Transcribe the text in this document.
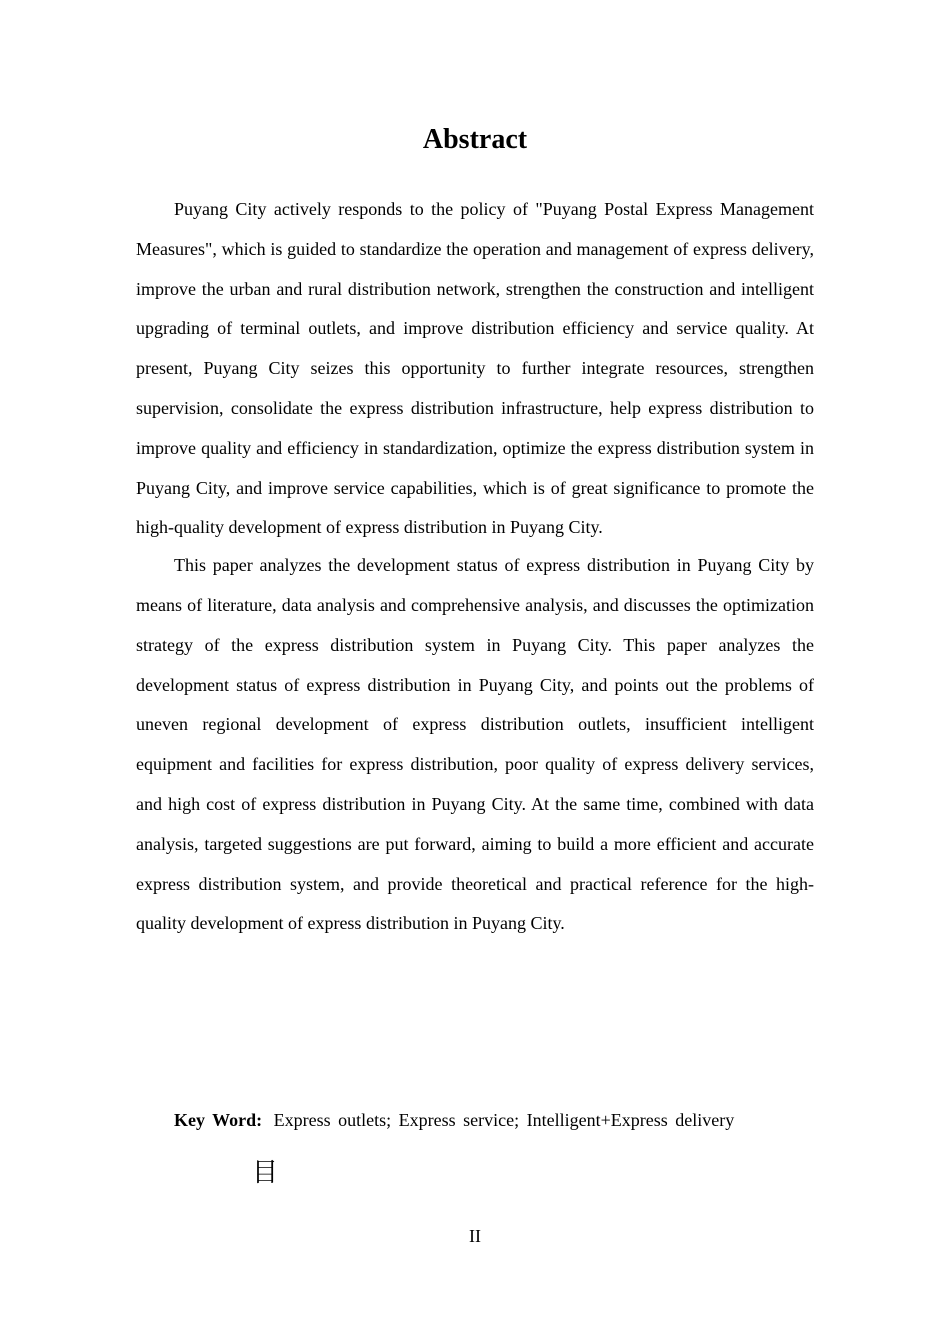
Abstract

Puyang City actively responds to the policy of "Puyang Postal Express Management Measures", which is guided to standardize the operation and management of express delivery, improve the urban and rural distribution network, strengthen the construction and intelligent upgrading of terminal outlets, and improve distribution efficiency and service quality. At present, Puyang City seizes this opportunity to further integrate resources, strengthen supervision, consolidate the express distribution infrastructure, help express distribution to improve quality and efficiency in standardization, optimize the express distribution system in Puyang City, and improve service capabilities, which is of great significance to promote the high-quality development of express distribution in Puyang City.

This paper analyzes the development status of express distribution in Puyang City by means of literature, data analysis and comprehensive analysis, and discusses the optimization strategy of the express distribution system in Puyang City. This paper analyzes the development status of express distribution in Puyang City, and points out the problems of uneven regional development of express distribution outlets, insufficient intelligent equipment and facilities for express distribution, poor quality of express delivery services, and high cost of express distribution in Puyang City. At the same time, combined with data analysis, targeted suggestions are put forward, aiming to build a more efficient and accurate express distribution system, and provide theoretical and practical reference for the high-quality development of express distribution in Puyang City.

Key Word: Express outlets; Express service; Intelligent+Express delivery
目
II
